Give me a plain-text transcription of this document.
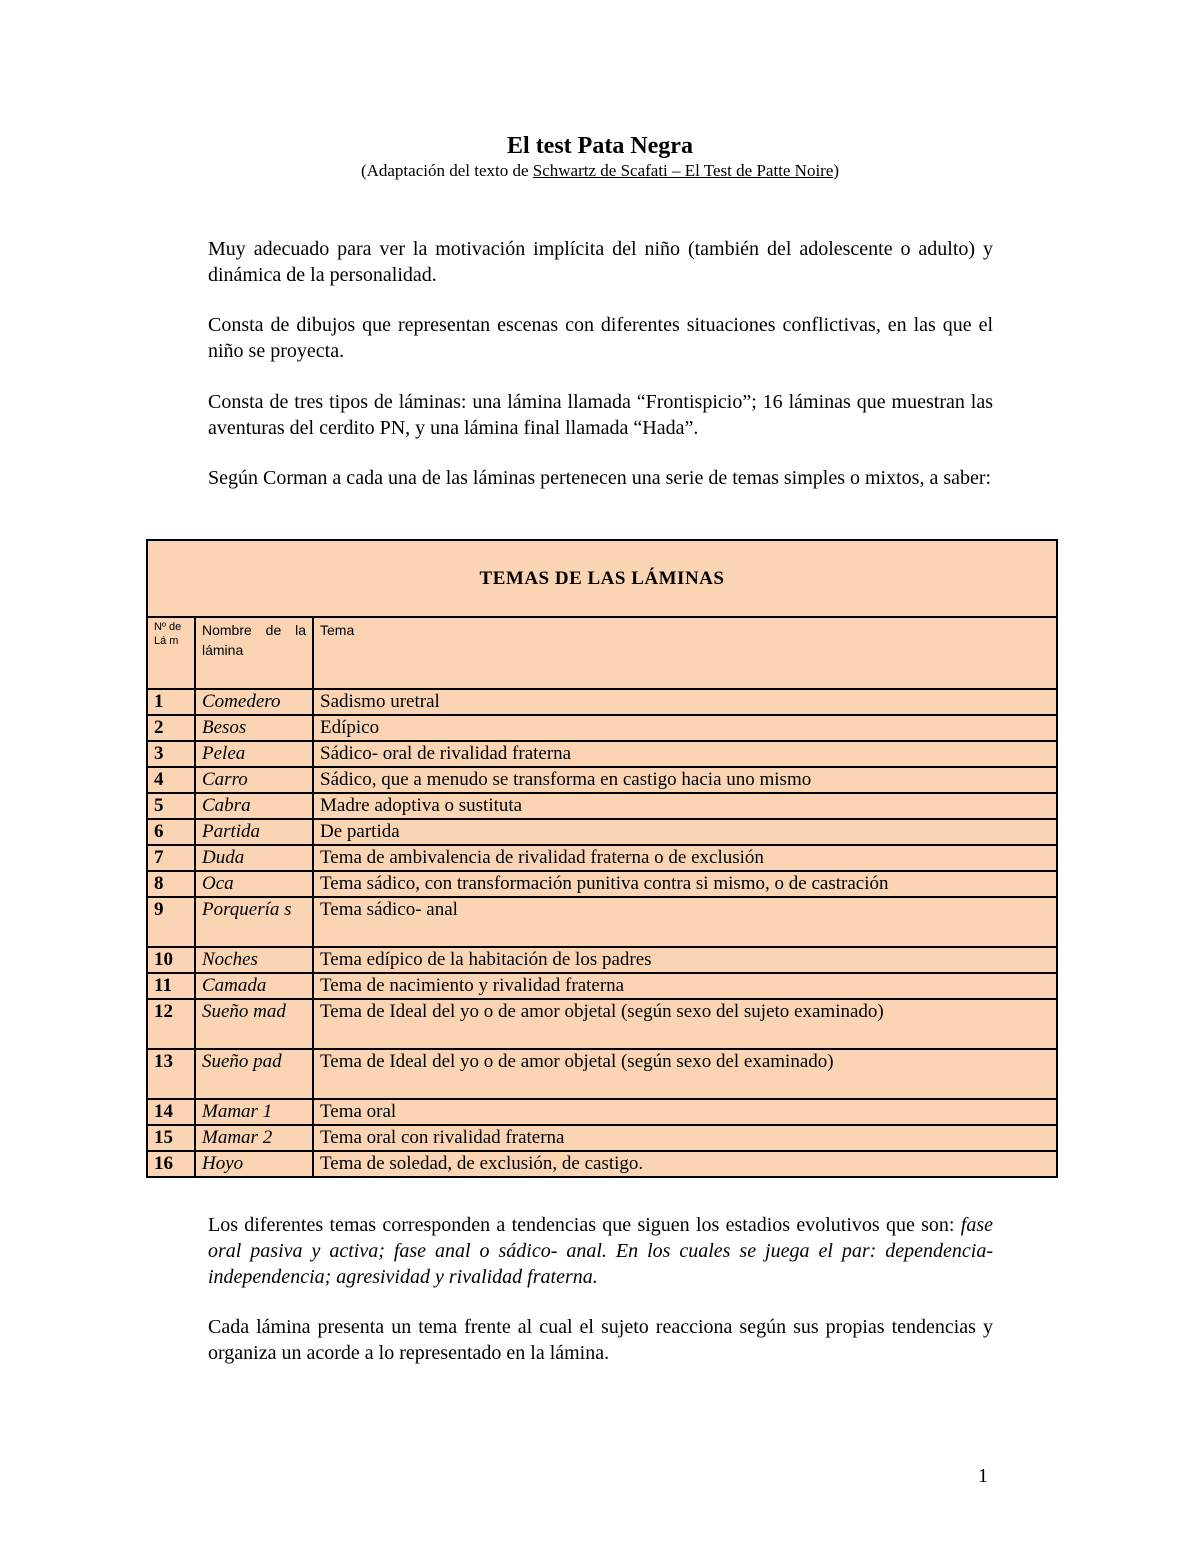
El test Pata Negra
(Adaptación del texto de Schwartz de Scafati – El Test de Patte Noire)

Muy adecuado para ver la motivación implícita del niño (también del adolescente o adulto) y dinámica de la personalidad.

Consta de dibujos que representan escenas con diferentes situaciones conflictivas, en las que el niño se proyecta.

Consta de tres tipos de láminas: una lámina llamada “Frontispicio”; 16 láminas que muestran las aventuras del cerdito PN, y una lámina final llamada “Hada”.

Según Corman a cada una de las láminas pertenecen una serie de temas simples o mixtos, a saber:

TEMAS DE LAS LÁMINAS		
Nº de Lá m	Nombre de la lámina	Tema
1	Comedero	Sadismo uretral
2	Besos	Edípico
3	Pelea	Sádico- oral de rivalidad fraterna
4	Carro	Sádico, que a menudo se transforma en castigo hacia uno mismo
5	Cabra	Madre adoptiva o sustituta
6	Partida	De partida
7	Duda	Tema de ambivalencia de rivalidad fraterna o de exclusión
8	Oca	Tema sádico, con transformación punitiva contra si mismo, o de castración
9	Porquería s	Tema sádico- anal
10	Noches	Tema edípico de la habitación de los padres
11	Camada	Tema de nacimiento y rivalidad fraterna
12	Sueño mad	Tema de Ideal del yo o de amor objetal (según sexo del sujeto examinado)
13	Sueño pad	Tema de Ideal del yo o de amor objetal (según sexo del examinado)
14	Mamar 1	Tema oral
15	Mamar 2	Tema oral con rivalidad fraterna
16	Hoyo	Tema de soledad, de exclusión, de castigo.

Los diferentes temas corresponden a tendencias que siguen los estadios evolutivos que son: fase oral pasiva y activa; fase anal o sádico- anal. En los cuales se juega el par: dependencia- independencia; agresividad y rivalidad fraterna.

Cada lámina presenta un tema frente al cual el sujeto reacciona según sus propias tendencias y organiza un acorde a lo representado en la lámina.

1
